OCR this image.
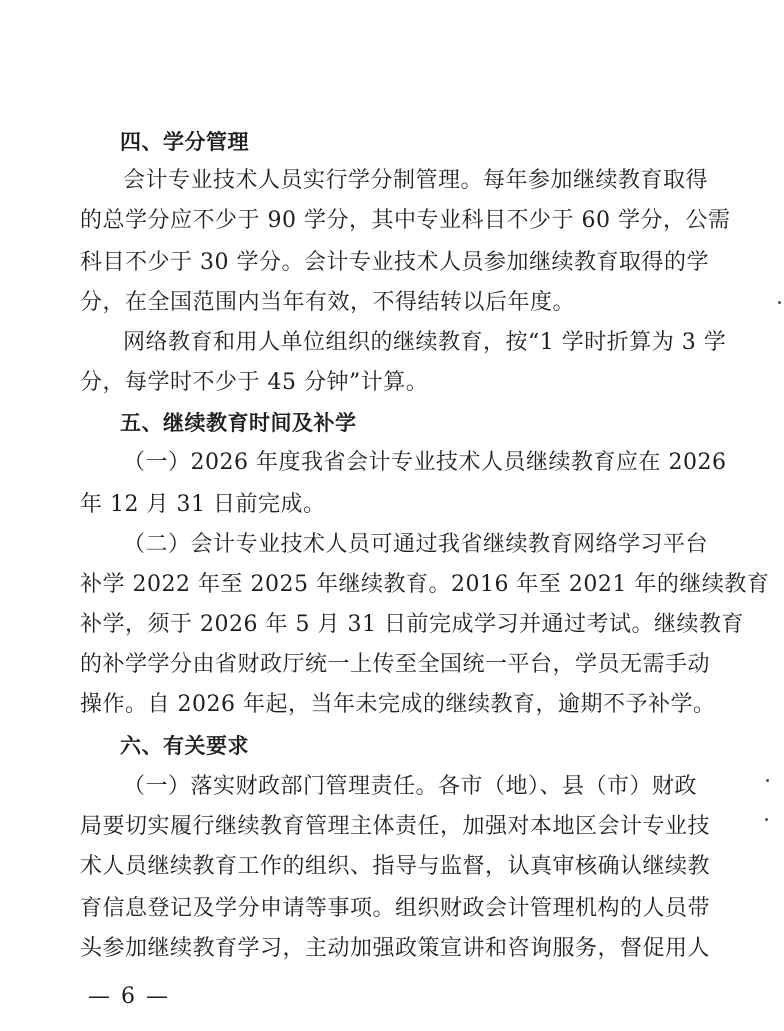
四、学分管理
会计专业技术人员实行学分制管理。每年参加继续教育取得
的总学分应不少于 90 学分，其中专业科目不少于 60 学分，公需
科目不少于 30 学分。会计专业技术人员参加继续教育取得的学
分，在全国范围内当年有效，不得结转以后年度。
网络教育和用人单位组织的继续教育，按“1 学时折算为 3 学
分，每学时不少于 45 分钟”计算。
五、继续教育时间及补学
（一）2026 年度我省会计专业技术人员继续教育应在 2026
年 12 月 31 日前完成。
（二）会计专业技术人员可通过我省继续教育网络学习平台
补学 2022 年至 2025 年继续教育。2016 年至 2021 年的继续教育
补学，须于 2026 年 5 月 31 日前完成学习并通过考试。继续教育
的补学学分由省财政厅统一上传至全国统一平台，学员无需手动
操作。自 2026 年起，当年未完成的继续教育，逾期不予补学。
六、有关要求
（一）落实财政部门管理责任。各市（地）、县（市）财政
局要切实履行继续教育管理主体责任，加强对本地区会计专业技
术人员继续教育工作的组织、指导与监督，认真审核确认继续教
育信息登记及学分申请等事项。组织财政会计管理机构的人员带
头参加继续教育学习，主动加强政策宣讲和咨询服务，督促用人
— 6 —
